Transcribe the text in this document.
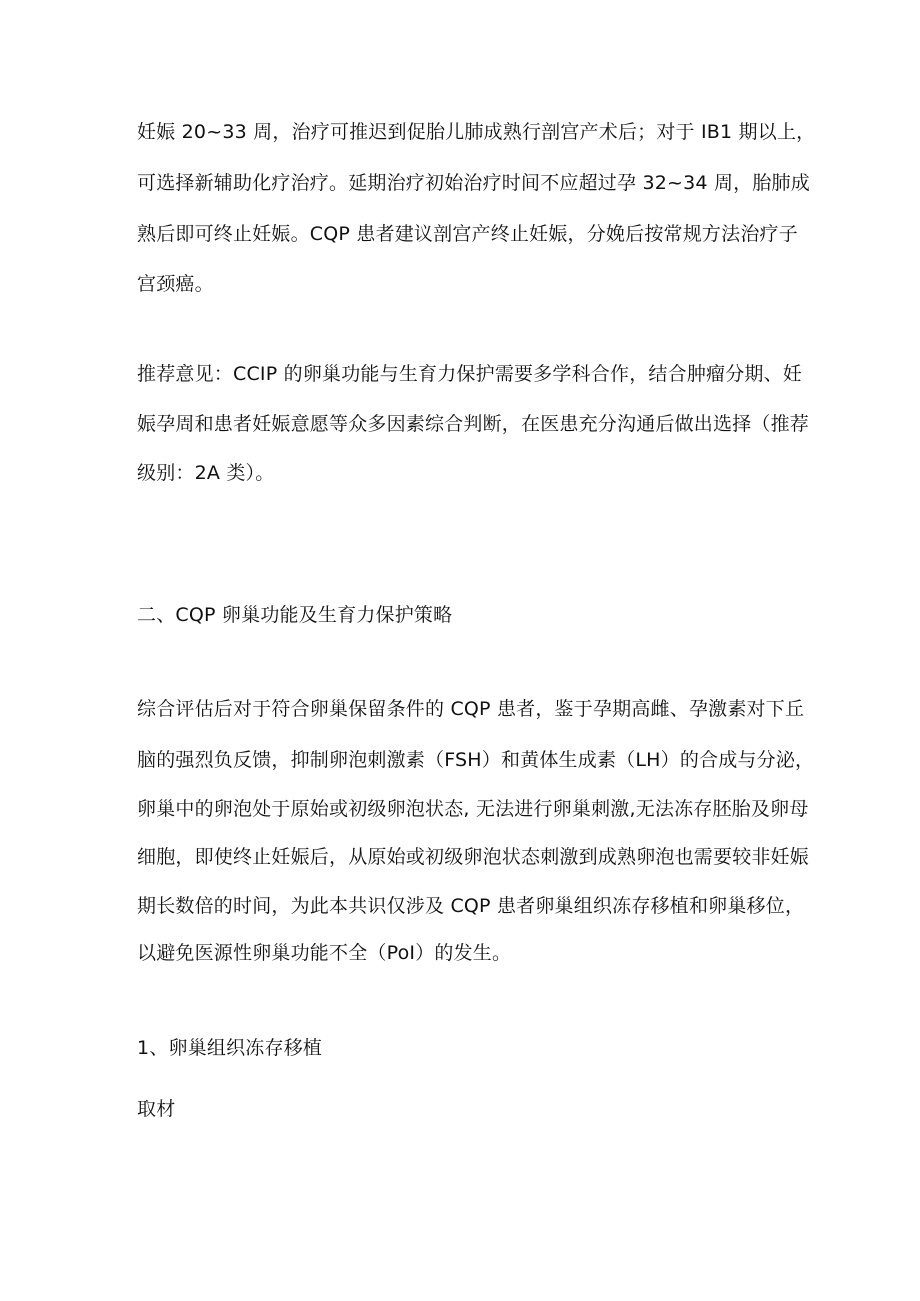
妊娠 20~33 周，治疗可推迟到促胎儿肺成熟行剖宫产术后；对于 IB1 期以上，
可选择新辅助化疗治疗。延期治疗初始治疗时间不应超过孕 32~34 周，胎肺成
熟后即可终止妊娠。CQP 患者建议剖宫产终止妊娠，分娩后按常规方法治疗子
宫颈癌。
推荐意见：CCIP 的卵巢功能与生育力保护需要多学科合作，结合肿瘤分期、妊
娠孕周和患者妊娠意愿等众多因素综合判断，在医患充分沟通后做出选择（推荐
级别：2A 类）。
二、CQP 卵巢功能及生育力保护策略
综合评估后对于符合卵巢保留条件的 CQP 患者，鉴于孕期高雌、孕激素对下丘
脑的强烈负反馈，抑制卵泡刺激素（FSH）和黄体生成素（LH）的合成与分泌，
卵巢中的卵泡处于原始或初级卵泡状态, 无法进行卵巢刺激,无法冻存胚胎及卵母
细胞，即使终止妊娠后，从原始或初级卵泡状态刺激到成熟卵泡也需要较非妊娠
期长数倍的时间，为此本共识仅涉及 CQP 患者卵巢组织冻存移植和卵巢移位，
以避免医源性卵巢功能不全（PoI）的发生。
1、卵巢组织冻存移植
取材
